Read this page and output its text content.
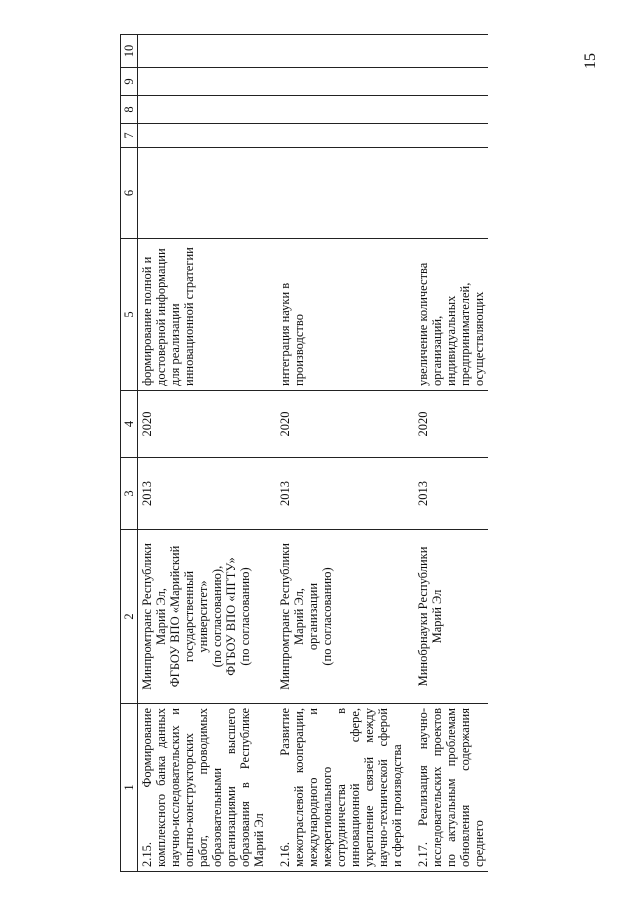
15
1	2	3	4	5	6	7	8	9	10
2.15. Формирование комплексного банка данных научно-исследовательских и опытно-конструкторских работ, проводимых образовательными организациями высшего образования в Республике Марий Эл	Минпромтранс Республики Марий Эл,
ФГБОУ ВПО «Марийский государственный университет»
(по согласованию),
ФГБОУ ВПО «ПГТУ»
(по согласованию)	2013	2020	формирование полной и достоверной информации для реализации инновационной стратегии					
2.16. Развитие межотраслевой кооперации, международного и межрегионального сотрудничества в инновационной сфере, укрепление связей между научно-технической сферой и сферой производства	Минпромтранс Республики Марий Эл,
организации
(по согласованию)	2013	2020	интеграция науки в производство					
2.17. Реализация научно-исследовательских проектов по актуальным проблемам обновления содержания среднего	Минобрнауки Республики Марий Эл	2013	2020	увеличение количества организаций, индивидуальных предпринимателей, осуществляющих					
